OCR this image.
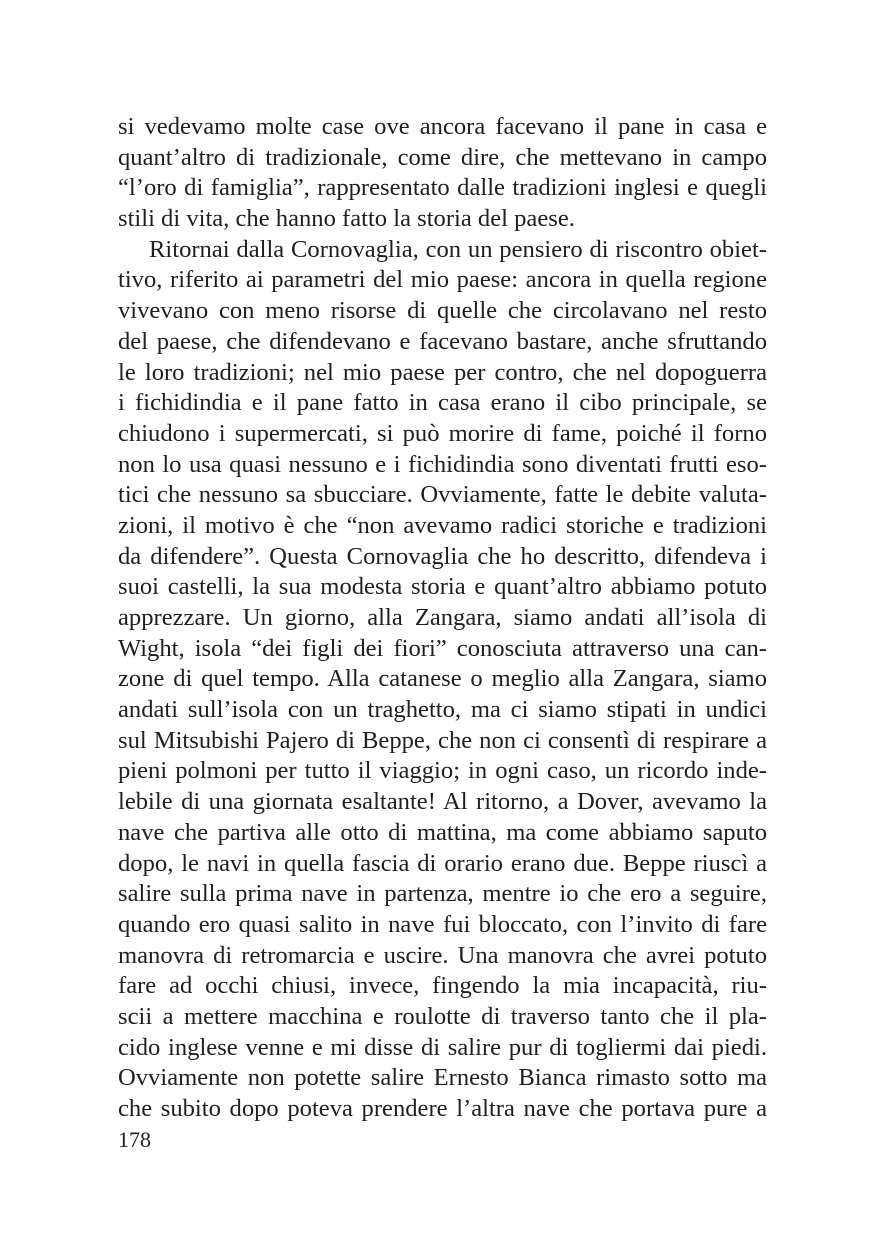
si vedevamo molte case ove ancora facevano il pane in casa e
quant’altro di tradizionale, come dire, che mettevano in campo
“l’oro di famiglia”, rappresentato dalle tradizioni inglesi e quegli
stili di vita, che hanno fatto la storia del paese.
Ritornai dalla Cornovaglia, con un pensiero di riscontro obiet-
tivo, riferito ai parametri del mio paese: ancora in quella regione
vivevano con meno risorse di quelle che circolavano nel resto
del paese, che difendevano e facevano bastare, anche sfruttando
le loro tradizioni; nel mio paese per contro, che nel dopoguerra
i fichidindia e il pane fatto in casa erano il cibo principale, se
chiudono i supermercati, si può morire di fame, poiché il forno
non lo usa quasi nessuno e i fichidindia sono diventati frutti eso-
tici che nessuno sa sbucciare. Ovviamente, fatte le debite valuta-
zioni, il motivo è che “non avevamo radici storiche e tradizioni
da difendere”. Questa Cornovaglia che ho descritto, difendeva i
suoi castelli, la sua modesta storia e quant’altro abbiamo potuto
apprezzare. Un giorno, alla Zangara, siamo andati all’isola di
Wight, isola “dei figli dei fiori” conosciuta attraverso una can-
zone di quel tempo. Alla catanese o meglio alla Zangara, siamo
andati sull’isola con un traghetto, ma ci siamo stipati in undici
sul Mitsubishi Pajero di Beppe, che non ci consentì di respirare a
pieni polmoni per tutto il viaggio; in ogni caso, un ricordo inde-
lebile di una giornata esaltante! Al ritorno, a Dover, avevamo la
nave che partiva alle otto di mattina, ma come abbiamo saputo
dopo, le navi in quella fascia di orario erano due. Beppe riuscì a
salire sulla prima nave in partenza, mentre io che ero a seguire,
quando ero quasi salito in nave fui bloccato, con l’invito di fare
manovra di retromarcia e uscire. Una manovra che avrei potuto
fare ad occhi chiusi, invece, fingendo la mia incapacità, riu-
scii a mettere macchina e roulotte di traverso tanto che il pla-
cido inglese venne e mi disse di salire pur di togliermi dai piedi.
Ovviamente non potette salire Ernesto Bianca rimasto sotto ma
che subito dopo poteva prendere l’altra nave che portava pure a
178
